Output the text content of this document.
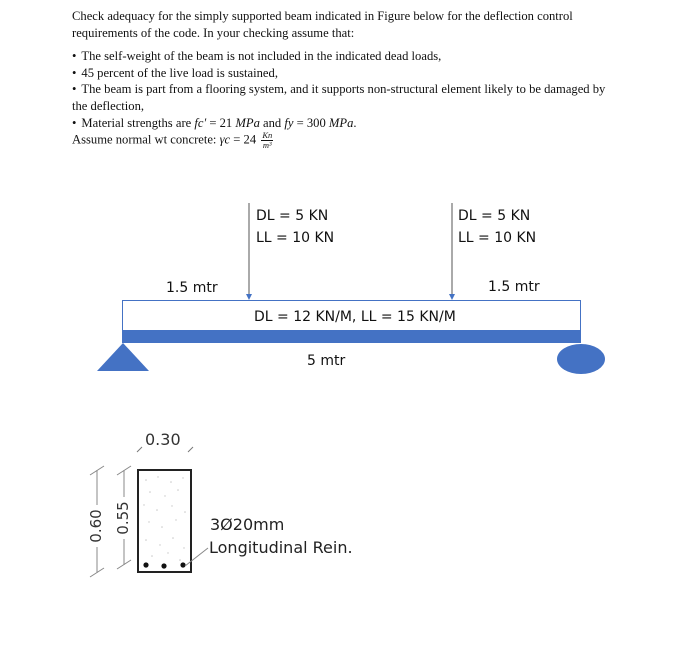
Check adequacy for the simply supported beam indicated in Figure below for the deflection control requirements of the code. In your checking assume that:

• The self-weight of the beam is not included in the indicated dead loads,

• 45 percent of the live load is sustained,

• The beam is part from a flooring system, and it supports non-structural element likely to be damaged by the deflection,

• Material strengths are fc′ = 21 MPa and fy = 300 MPa.

Assume normal wt concrete: $\gamma c = 24 \frac{Kn}{\text{m³}}$

DL = 5 KN
LL = 10 KN
DL = 5 KN
LL = 10 KN
1.5 mtr	1.5 mtr
DL = 12 KN/M, LL = 15 KN/M
5 mtr
0.30
0.60 0.55	3Ø20mm
Longitudinal Rein.
